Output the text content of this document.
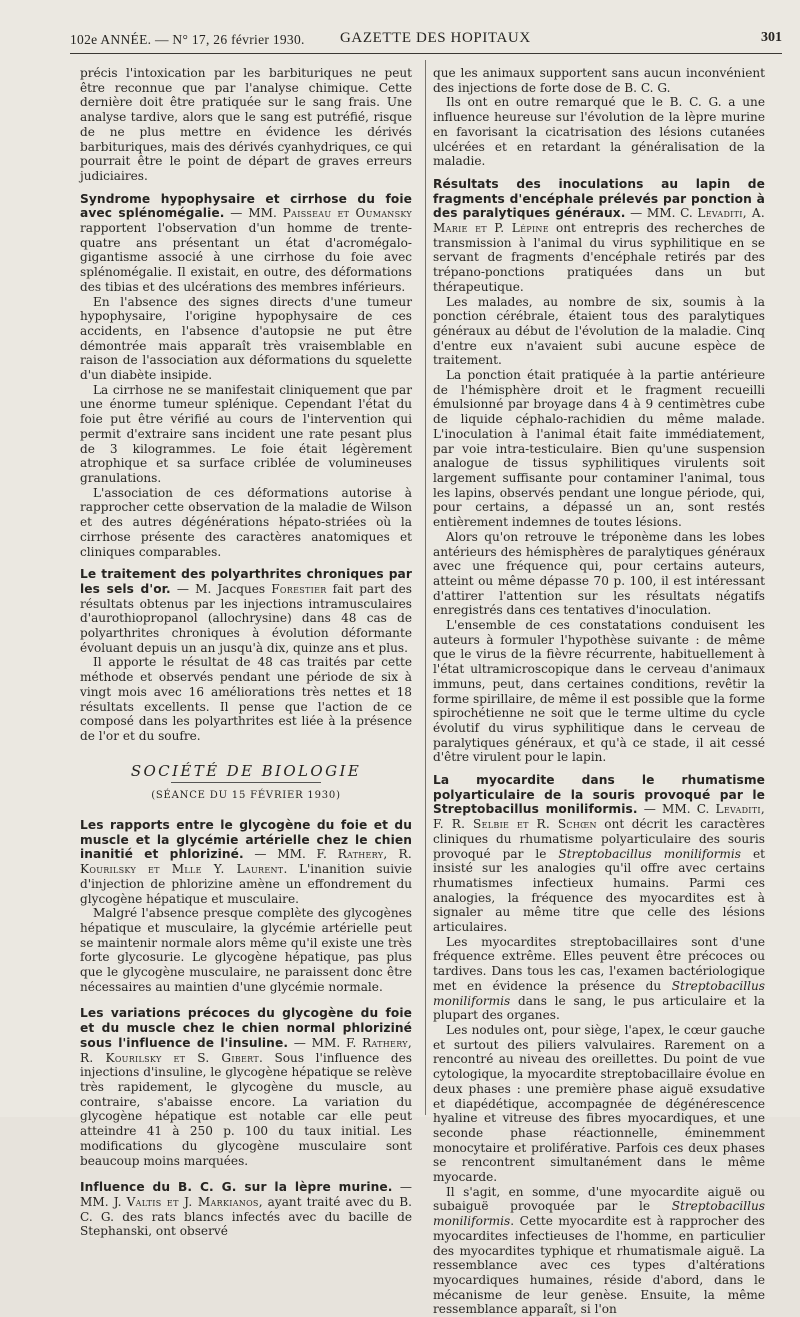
102e ANNÉE. — N° 17, 26 février 1930. GAZETTE DES HOPITAUX	301

précis l'intoxication par les barbituriques ne peut être reconnue que par l'analyse chimique. Cette dernière doit être pratiquée sur le sang frais. Une analyse tardive, alors que le sang est putréfié, risque de ne plus mettre en évidence les dérivés barbituriques, mais des dérivés cyanhydriques, ce qui pourrait être le point de départ de graves erreurs judiciaires.

Syndrome hypophysaire et cirrhose du foie avec splénomégalie. — MM. Paisseau et Oumansky rapportent l'observation d'un homme de trente-quatre ans présentant un état d'acromégalo-gigantisme associé à une cirrhose du foie avec splénomégalie. Il existait, en outre, des déformations des tibias et des ulcérations des membres inférieurs.

En l'absence des signes directs d'une tumeur hypophysaire, l'origine hypophysaire de ces accidents, en l'absence d'autopsie ne put être démontrée mais apparaît très vraisemblable en raison de l'association aux déformations du squelette d'un diabète insipide.

La cirrhose ne se manifestait cliniquement que par une énorme tumeur splénique. Cependant l'état du foie put être vérifié au cours de l'intervention qui permit d'extraire sans incident une rate pesant plus de 3 kilogrammes. Le foie était légèrement atrophique et sa surface criblée de volumineuses granulations.

L'association de ces déformations autorise à rapprocher cette observation de la maladie de Wilson et des autres dégénérations hépato-striées où la cirrhose présente des caractères anatomiques et cliniques comparables.

Le traitement des polyarthrites chroniques par les sels d'or. — M. Jacques Forestier fait part des résultats obtenus par les injections intramusculaires d'aurothiopropanol (allochrysine) dans 48 cas de polyarthrites chroniques à évolution déformante évoluant depuis un an jusqu'à dix, quinze ans et plus.

Il apporte le résultat de 48 cas traités par cette méthode et observés pendant une période de six à vingt mois avec 16 améliorations très nettes et 18 résultats excellents. Il pense que l'action de ce composé dans les polyarthrites est liée à la présence de l'or et du soufre.

SOCIÉTÉ DE BIOLOGIE
(SÉANCE DU 15 FÉVRIER 1930)

Les rapports entre le glycogène du foie et du muscle et la glycémie artérielle chez le chien inanitié et phloriziné. — MM. F. Rathery, R. Kourilsky et Mlle Y. Laurent. L'inanition suivie d'injection de phlorizine amène un effondrement du glycogène hépatique et musculaire.

Malgré l'absence presque complète des glycogènes hépatique et musculaire, la glycémie artérielle peut se maintenir normale alors même qu'il existe une très forte glycosurie. Le glycogène hépatique, pas plus que le glycogène musculaire, ne paraissent donc être nécessaires au maintien d'une glycémie normale.

Les variations précoces du glycogène du foie et du muscle chez le chien normal phloriziné sous l'influence de l'insuline. — MM. F. Rathery, R. Kourilsky et S. Gibert. Sous l'influence des injections d'insuline, le glycogène hépatique se relève très rapidement, le glycogène du muscle, au contraire, s'abaisse encore. La variation du glycogène hépatique est notable car elle peut atteindre 41 à 250 p. 100 du taux initial. Les modifications du glycogène musculaire sont beaucoup moins marquées.

Influence du B. C. G. sur la lèpre murine. — MM. J. Valtis et J. Markianos, ayant traité avec du B. C. G. des rats blancs infectés avec du bacille de Stephanski, ont observé

que les animaux supportent sans aucun inconvénient des injections de forte dose de B. C. G.

Ils ont en outre remarqué que le B. C. G. a une influence heureuse sur l'évolution de la lèpre murine en favorisant la cicatrisation des lésions cutanées ulcérées et en retardant la généralisation de la maladie.

Résultats des inoculations au lapin de fragments d'encéphale prélevés par ponction à des paralytiques généraux. — MM. C. Levaditi, A. Marie et P. Lépine ont entrepris des recherches de transmission à l'animal du virus syphilitique en se servant de fragments d'encéphale retirés par des trépano-ponctions pratiquées dans un but thérapeutique.

Les malades, au nombre de six, soumis à la ponction cérébrale, étaient tous des paralytiques généraux au début de l'évolution de la maladie. Cinq d'entre eux n'avaient subi aucune espèce de traitement.

La ponction était pratiquée à la partie antérieure de l'hémisphère droit et le fragment recueilli émulsionné par broyage dans 4 à 9 centimètres cube de liquide céphalo-rachidien du même malade. L'inoculation à l'animal était faite immédiatement, par voie intra-testiculaire. Bien qu'une suspension analogue de tissus syphilitiques virulents soit largement suffisante pour contaminer l'animal, tous les lapins, observés pendant une longue période, qui, pour certains, a dépassé un an, sont restés entièrement indemnes de toutes lésions.

Alors qu'on retrouve le tréponème dans les lobes antérieurs des hémisphères de paralytiques généraux avec une fréquence qui, pour certains auteurs, atteint ou même dépasse 70 p. 100, il est intéressant d'attirer l'attention sur les résultats négatifs enregistrés dans ces tentatives d'inoculation.

L'ensemble de ces constatations conduisent les auteurs à formuler l'hypothèse suivante : de même que le virus de la fièvre récurrente, habituellement à l'état ultramicroscopique dans le cerveau d'animaux immuns, peut, dans certaines conditions, revêtir la forme spirillaire, de même il est possible que la forme spirochétienne ne soit que le terme ultime du cycle évolutif du virus syphilitique dans le cerveau de paralytiques généraux, et qu'à ce stade, il ait cessé d'être virulent pour le lapin.

La myocardite dans le rhumatisme polyarticulaire de la souris provoqué par le Streptobacillus moniliformis. — MM. C. Levaditi, F. R. Selbie et R. Schœn ont décrit les caractères cliniques du rhumatisme polyarticulaire des souris provoqué par le Streptobacillus moniliformis et insisté sur les analogies qu'il offre avec certains rhumatismes infectieux humains. Parmi ces analogies, la fréquence des myocardites est à signaler au même titre que celle des lésions articulaires.

Les myocardites streptobacillaires sont d'une fréquence extrême. Elles peuvent être précoces ou tardives. Dans tous les cas, l'examen bactériologique met en évidence la présence du Streptobacillus moniliformis dans le sang, le pus articulaire et la plupart des organes.

Les nodules ont, pour siège, l'apex, le cœur gauche et surtout des piliers valvulaires. Rarement on a rencontré au niveau des oreillettes. Du point de vue cytologique, la myocardite streptobacillaire évolue en deux phases : une première phase aiguë exsudative et diapédétique, accompagnée de dégénérescence hyaline et vitreuse des fibres myocardiques, et une seconde phase réactionnelle, éminemment monocytaire et proliférative. Parfois ces deux phases se rencontrent simultanément dans le même myocarde.

Il s'agit, en somme, d'une myocardite aiguë ou subaiguë provoquée par le Streptobacillus moniliformis. Cette myocardite est à rapprocher des myocardites infectieuses de l'homme, en particulier des myocardites typhique et rhumatismale aiguë. La ressemblance avec ces types d'altérations myocardiques humaines, réside d'abord, dans le mécanisme de leur genèse. Ensuite, la même ressemblance apparaît, si l'on
